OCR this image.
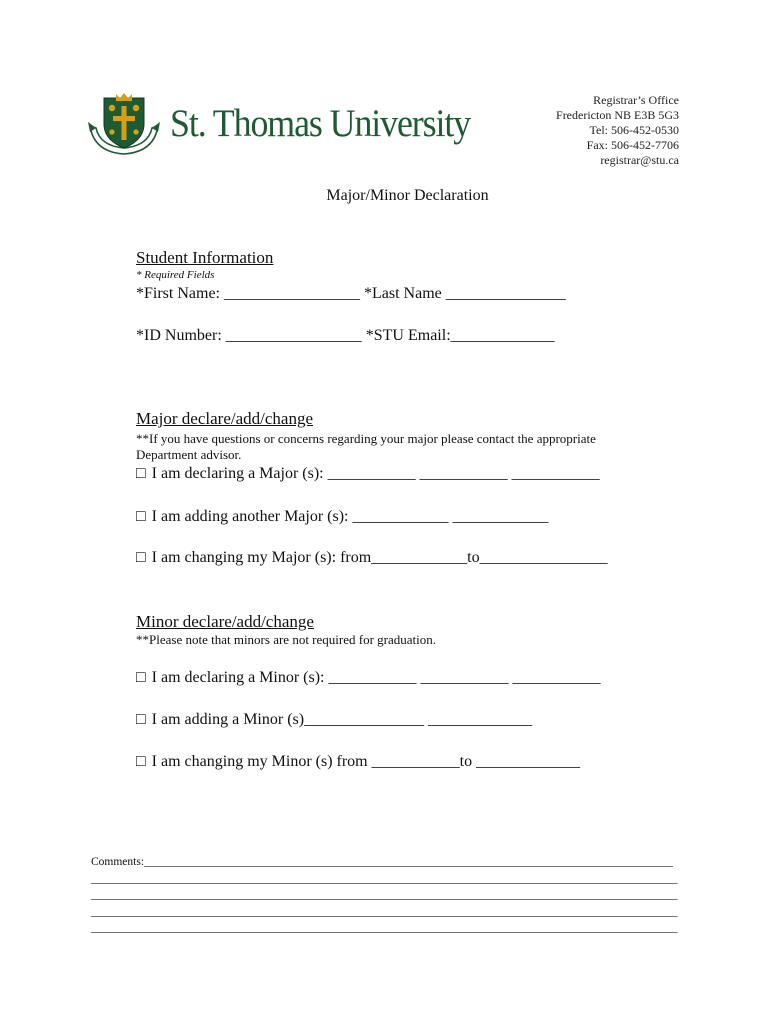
St. Thomas University
Registrar’s Office
Fredericton NB E3B 5G3
Tel: 506-452-0530
Fax: 506-452-7706
registrar@stu.ca
Major/Minor Declaration
Student Information
* Required Fields
*First Name: _________________ *Last Name _______________
*ID Number: _________________ *STU Email:_____________
Major declare/add/change
**If you have questions or concerns regarding your major please contact the appropriate
Department advisor.
□ I am declaring a Major (s): ___________ ___________ ___________
□ I am adding another Major (s): ____________ ____________
□ I am changing my Major (s): from____________to________________
Minor declare/add/change
**Please note that minors are not required for graduation.
□ I am declaring a Minor (s): ___________ ___________ ___________
□ I am adding a Minor (s)_______________ _____________
□ I am changing my Minor (s) from ___________to _____________
Comments:____________________________________________________________________________________________
______________________________________________________________________________________________________
______________________________________________________________________________________________________
______________________________________________________________________________________________________
______________________________________________________________________________________________________
